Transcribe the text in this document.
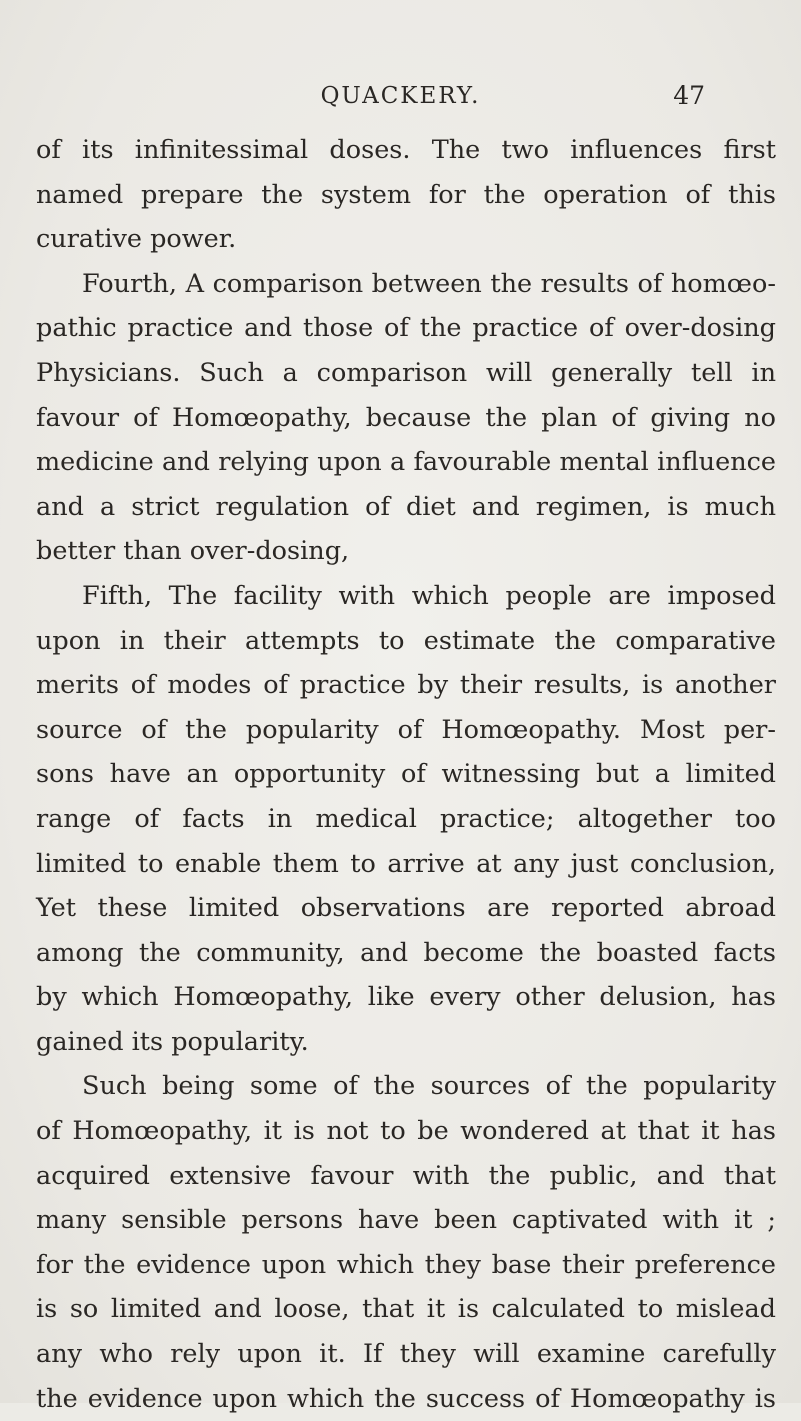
QUACKERY.	47
of its infinitessimal doses. The two influences first
named prepare the system for the operation of this
curative power.
Fourth, A comparison between the results of homœo-
pathic practice and those of the practice of over-dosing
Physicians. Such a comparison will generally tell in
favour of Homœopathy, because the plan of giving no
medicine and relying upon a favourable mental influence
and a strict regulation of diet and regimen, is much
better than over-dosing,
Fifth, The facility with which people are imposed
upon in their attempts to estimate the comparative
merits of modes of practice by their results, is another
source of the popularity of Homœopathy. Most per-
sons have an opportunity of witnessing but a limited
range of facts in medical practice; altogether too
limited to enable them to arrive at any just conclusion,
Yet these limited observations are reported abroad
among the community, and become the boasted facts
by which Homœopathy, like every other delusion, has
gained its popularity.
Such being some of the sources of the popularity
of Homœopathy, it is not to be wondered at that it has
acquired extensive favour with the public, and that
many sensible persons have been captivated with it ;
for the evidence upon which they base their preference
is so limited and loose, that it is calculated to mislead
any who rely upon it. If they will examine carefully
the evidence upon which the success of Homœopathy is
